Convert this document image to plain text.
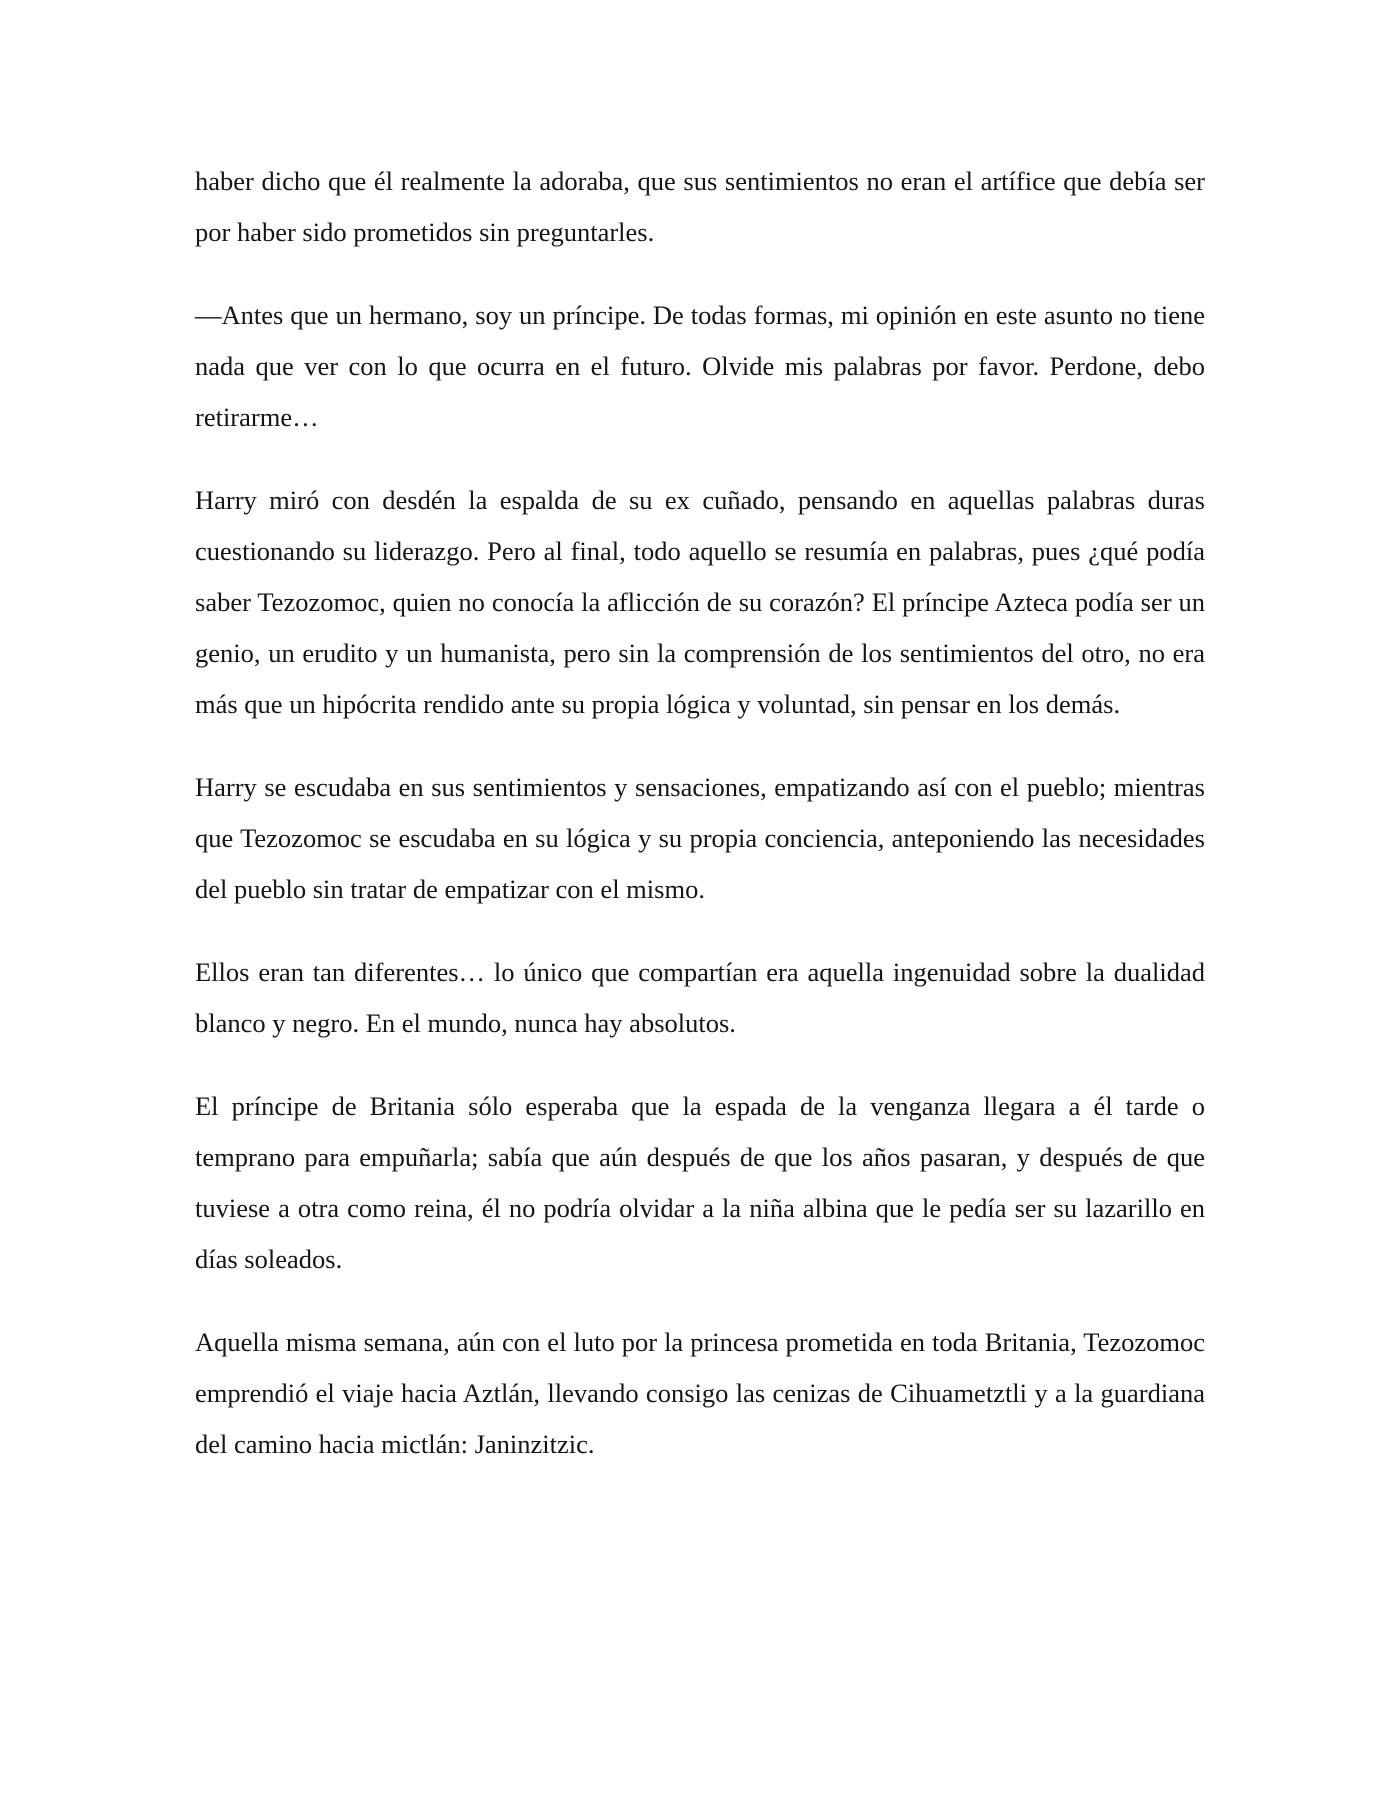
haber dicho que él realmente la adoraba, que sus sentimientos no eran el artífice que debía ser por haber sido prometidos sin preguntarles.

—Antes que un hermano, soy un príncipe. De todas formas, mi opinión en este asunto no tiene nada que ver con lo que ocurra en el futuro. Olvide mis palabras por favor. Perdone, debo retirarme…

Harry miró con desdén la espalda de su ex cuñado, pensando en aquellas palabras duras cuestionando su liderazgo. Pero al final, todo aquello se resumía en palabras, pues ¿qué podía saber Tezozomoc, quien no conocía la aflicción de su corazón? El príncipe Azteca podía ser un genio, un erudito y un humanista, pero sin la comprensión de los sentimientos del otro, no era más que un hipócrita rendido ante su propia lógica y voluntad, sin pensar en los demás.

Harry se escudaba en sus sentimientos y sensaciones, empatizando así con el pueblo; mientras que Tezozomoc se escudaba en su lógica y su propia conciencia, anteponiendo las necesidades del pueblo sin tratar de empatizar con el mismo.

Ellos eran tan diferentes… lo único que compartían era aquella ingenuidad sobre la dualidad blanco y negro. En el mundo, nunca hay absolutos.

El príncipe de Britania sólo esperaba que la espada de la venganza llegara a él tarde o temprano para empuñarla; sabía que aún después de que los años pasaran, y después de que tuviese a otra como reina, él no podría olvidar a la niña albina que le pedía ser su lazarillo en días soleados.

Aquella misma semana, aún con el luto por la princesa prometida en toda Britania, Tezozomoc emprendió el viaje hacia Aztlán, llevando consigo las cenizas de Cihuametztli y a la guardiana del camino hacia mictlán: Janinzitzic.
